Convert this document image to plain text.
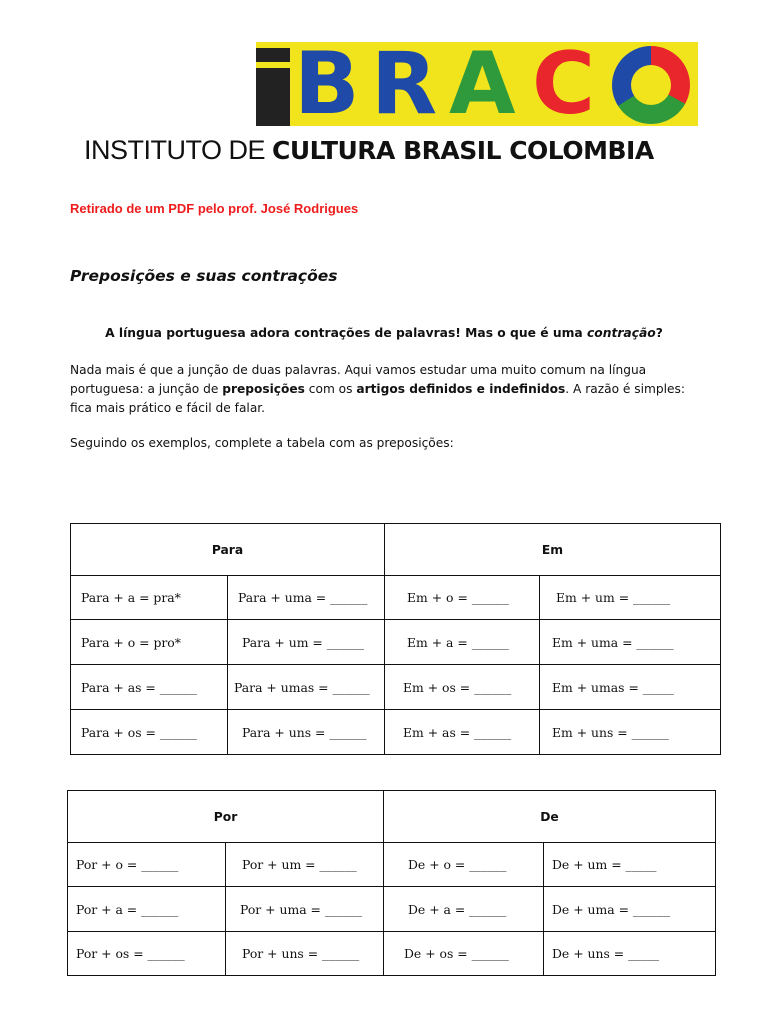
B R A C
INSTITUTO DE CULTURA BRASIL COLOMBIA
Retirado de um PDF pelo prof. José Rodrigues
Preposições e suas contrações
A língua portuguesa adora contrações de palavras! Mas o que é uma contração?
Nada mais é que a junção de duas palavras. Aqui vamos estudar uma muito comum na língua portuguesa: a junção de preposições com os artigos definidos e indefinidos. A razão é simples: fica mais prático e fácil de falar.
Seguindo os exemplos, complete a tabela com as preposições:
Para		Em	
Para + a = pra*	Para + uma = ______	Em + o = ______	Em + um = ______
Para + o = pro*	Para + um = ______	Em + a = ______	Em + uma = ______
Para + as = ______	Para + umas = ______	Em + os = ______	Em + umas = _____
Para + os = ______	Para + uns = ______	Em + as = ______	Em + uns = ______
Por		De	
Por + o = ______	Por + um = ______	De + o = ______	De + um = _____
Por + a = ______	Por + uma = ______	De + a = ______	De + uma = ______
Por + os = ______	Por + uns = ______	De + os = ______	De + uns = _____
